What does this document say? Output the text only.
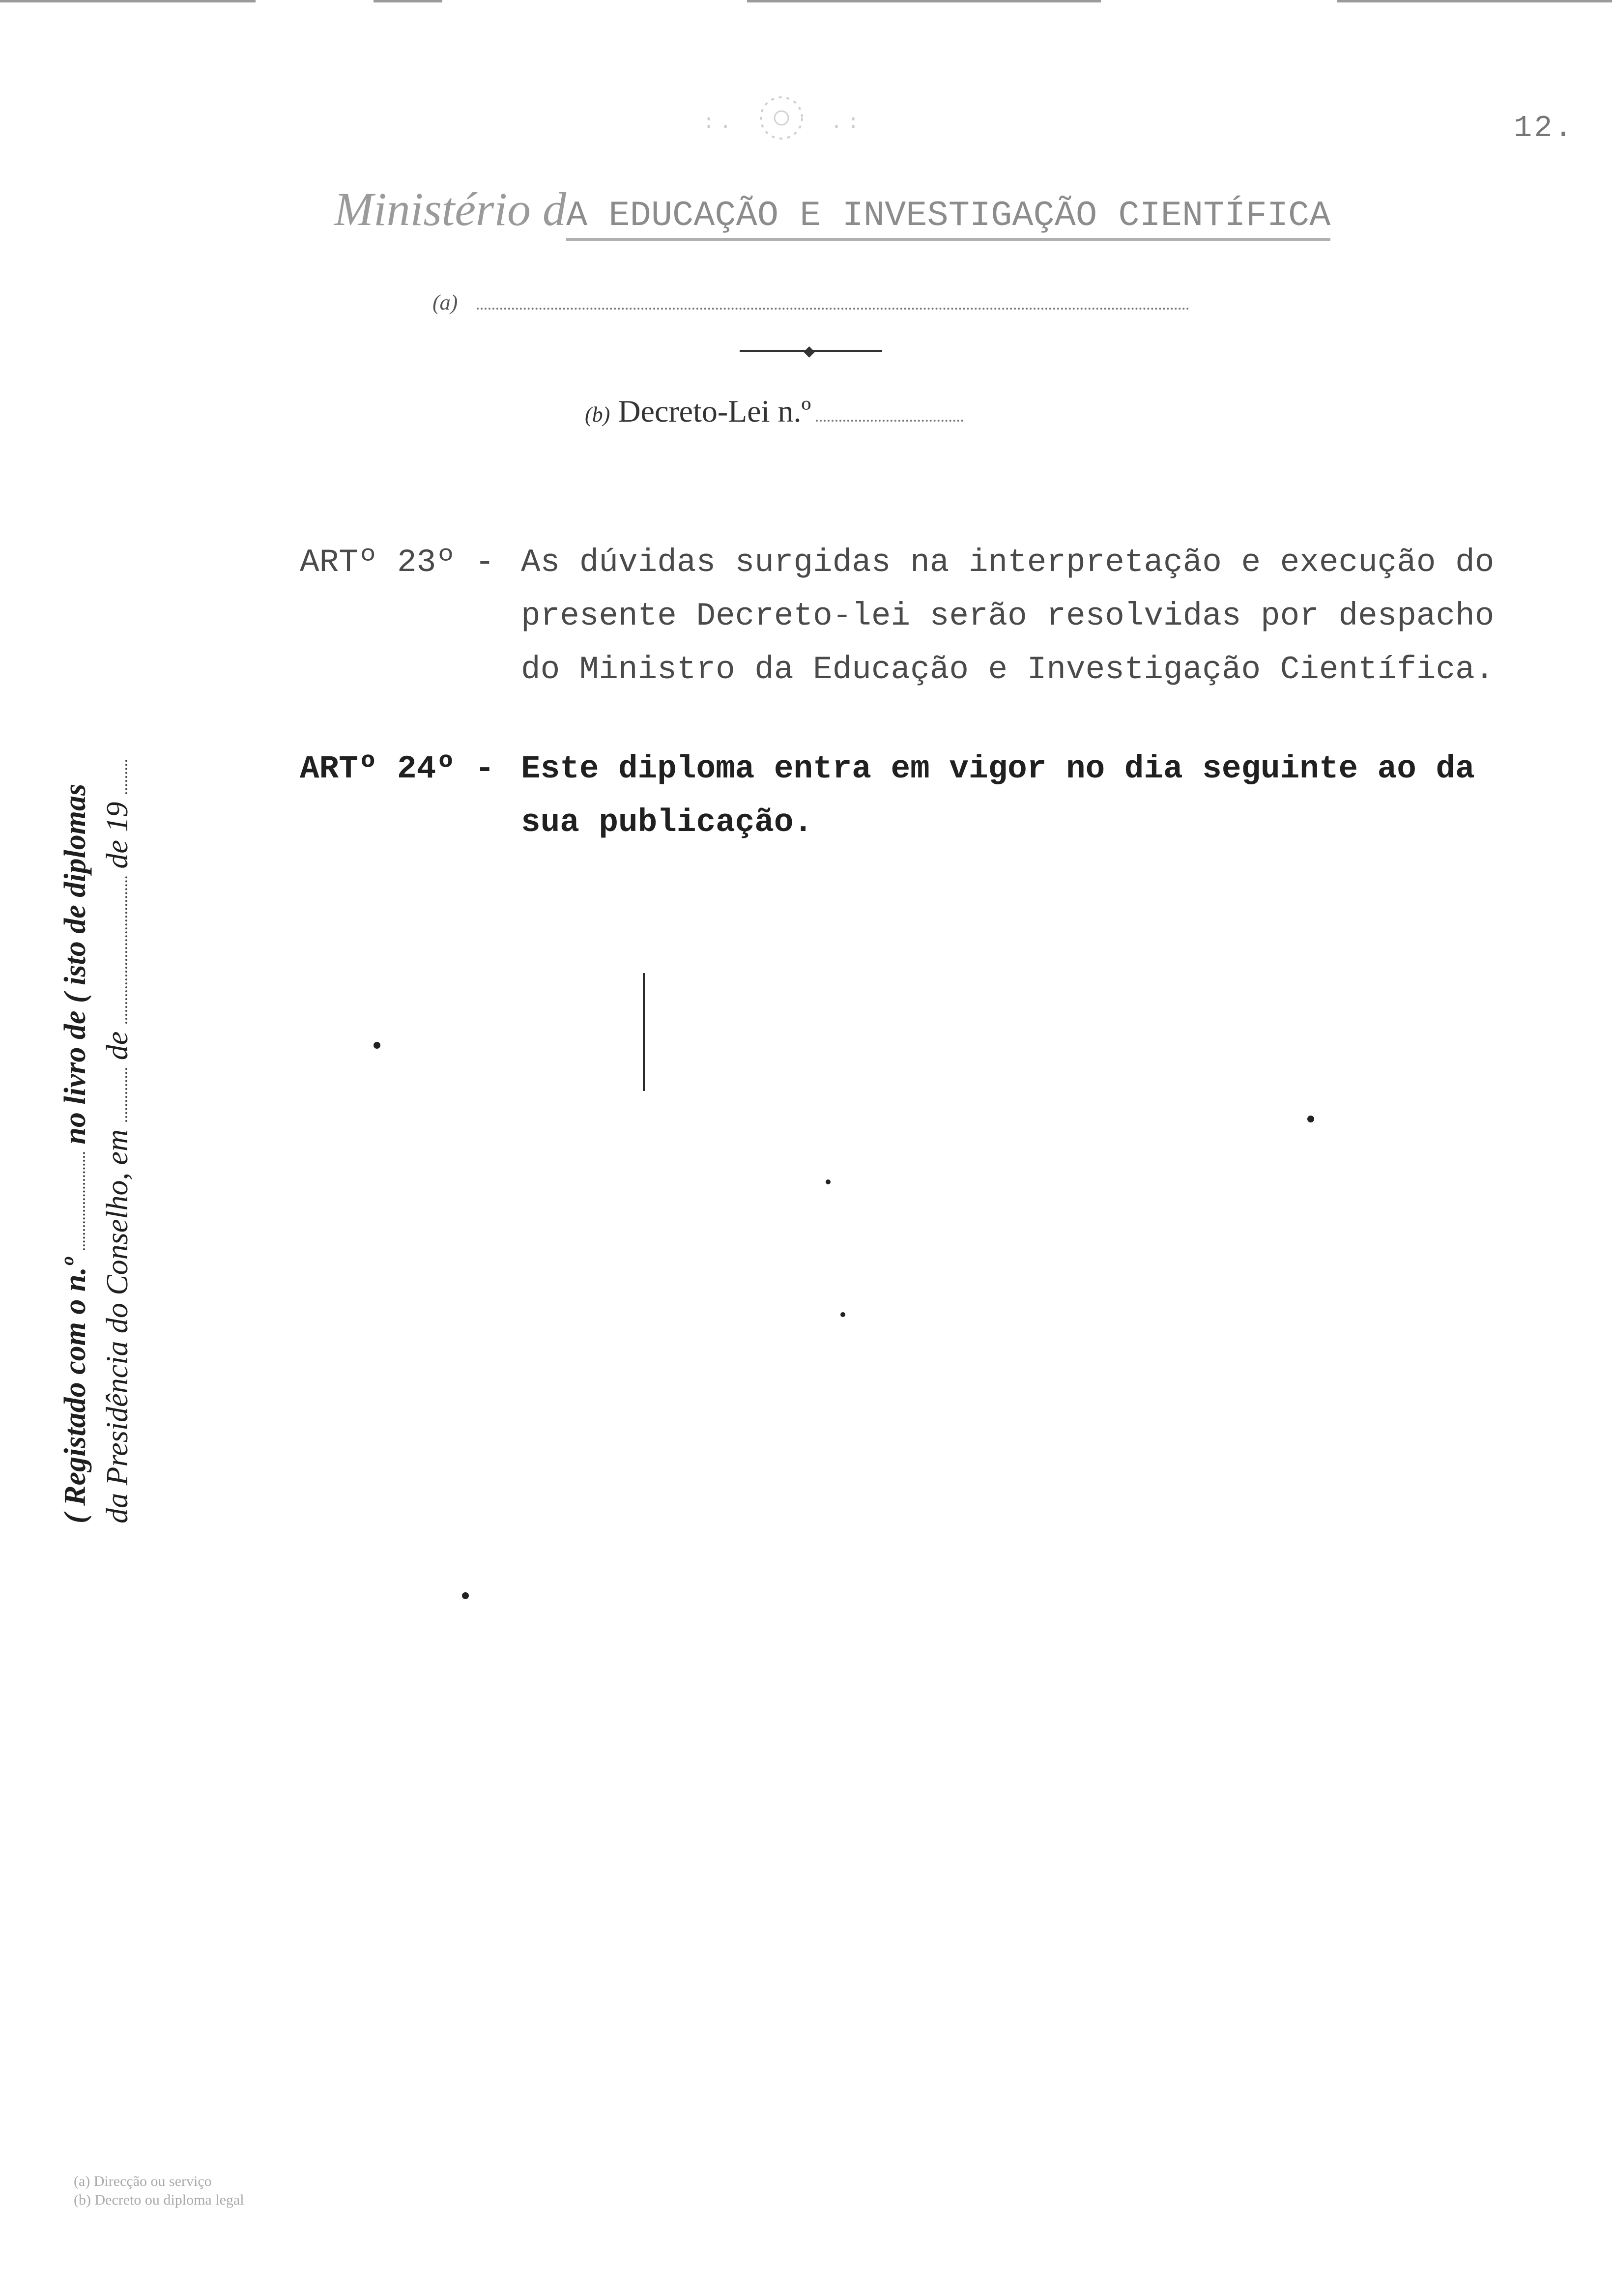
:.	.:	12.
Ministério dA EDUCAÇÃO E INVESTIGAÇÃO CIENTÍFICA
(a)
◆
(b) Decreto-Lei n.º
ARTº 23º - As dúvidas surgidas na interpretação e execução do
presente Decreto-lei serão resolvidas por despacho
do Ministro da Educação e Investigação Científica.
ARTº 24º - Este diploma entra em vigor no dia seguinte ao da
sua publicação.
( Registado com o n.º  no livro de ( isto de diplomas
da Presidência do Conselho, em  de  de 19
(a) Direcção ou serviço
(b) Decreto ou diploma legal
